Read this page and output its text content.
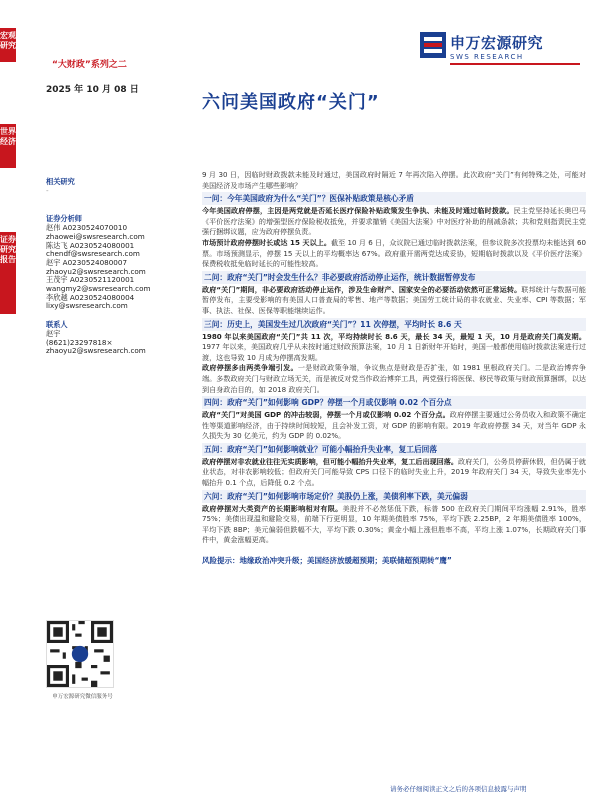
宏观
研究
世界
经济
证券
研究
报告
“大财政”系列之二
2025 年 10 月 08 日
申万宏源研究
SWS RESEARCH
六问美国政府“关门”
相关研究
-
证券分析师
赵伟 A0230524070010
zhaowei@swsresearch.com
陈达飞 A0230524080001
chendf@swsresearch.com
赵宇 A0230524080007
zhaoyu2@swsresearch.com
王茂宇 A0230521120001
wangmy2@swsresearch.com
李欣越 A0230524080004
lixy@swsresearch.com
联系人
赵宇
(8621)23297818×
zhaoyu2@swsresearch.com
申万宏源研究微信服务号

9 月 30 日，因临时财政拨款未能及时通过，美国政府时隔近 7 年再次陷入停摆。此次政府“关门”有何特殊之处，可能对美国经济及市场产生哪些影响？

一问：今年美国政府为什么“关门”？医保补贴政策是核心矛盾

今年美国政府停摆，主因是两党就是否延长医疗保险补贴政策发生争执、未能及时通过临时拨款。民主党坚持延长奥巴马《平价医疗法案》的增强型医疗保险税收抵免，并要求撤销《美国大法案》中对医疗补助的削减条款；共和党则指责民主党强行捆绑议题，应为政府停摆负责。

市场预计政府停摆时长或达 15 天以上。截至 10 月 6 日，众议院已通过临时拨款法案，但参议院多次投票均未能达到 60 票。市场预测显示，停摆 15 天以上的平均概率达 67%。政府重开需两党达成妥协，短期临时拨款以及《平价医疗法案》保费税收抵免临时延长的可能性较高。

二问：政府“关门”时会发生什么？非必要政府活动停止运作，统计数据暂停发布

政府“关门”期间，非必要政府活动停止运作，涉及生命财产、国家安全的必要活动依然可正常运转。联邦统计与数据可能暂停发布，主要受影响的有美国人口普查局的零售、地产等数据；美国劳工统计局的非农就业、失业率、CPI 等数据；军事、执法、社保、医保等职能继续运作。

三问：历史上，美国发生过几次政府“关门”？11 次停摆，平均时长 8.6 天

1980 年以来美国政府“关门”共 11 次，平均持续时长 8.6 天，最长 34 天，最短 1 天，10 月是政府关门高发期。1977 年以来，美国政府几乎从未按时通过财政预算法案，10 月 1 日新财年开始时，美国一般都使用临时拨款法案进行过渡，这也导致 10 月成为停摆高发期。

政府停摆多由两类争端引发。一是财政政策争端，争议焦点是财政是否扩张，如 1981 里根政府关门。二是政治博弈争端。多数政府关门与财政立场无关，而是被反对党当作政治博弈工具，两党强行将医保、移民等政策与财政预算捆绑，以达到自身政治目的，如 2018 政府关门。

四问：政府“关门”如何影响 GDP？停摆一个月或仅影响 0.02 个百分点

政府“关门”对美国 GDP 的冲击较弱，停摆一个月或仅影响 0.02 个百分点。政府停摆主要通过公务员收入和政策不确定性等渠道影响经济，由于持续时间较短，且会补发工资，对 GDP 的影响有限。2019 年政府停摆 34 天，对当年 GDP 永久损失为 30 亿美元，约为 GDP 的 0.02%。

五问：政府“关门”如何影响就业？可能小幅抬升失业率，复工后回落

政府停摆对非农就业往往无实质影响，但可能小幅抬升失业率，复工后出现回落。政府关门，公务员停薪休假，但仍属于就业状态，对非农影响较低；但政府关门可能导致 CPS 口径下的临时失业上升，2019 年政府关门 34 天，导致失业率先小幅抬升 0.1 个点，后降低 0.2 个点。

六问：政府“关门”如何影响市场定价？美股仍上涨，美债利率下跌，美元偏弱

政府停摆对大类资产的长期影响相对有限。美股并不必然惩低下跌，标普 500 在政府关门期间平均涨幅 2.91%，胜率 75%；美债出现温和避险交易，前端下行更明显，10 年期美债胜率 75%，平均下跌 2.25BP，2 年期美债胜率 100%，平均下跌 8BP；美元偏弱但跌幅不大，平均下跌 0.30%；黄金小幅上涨但胜率不高，平均上涨 1.07%，长期政府关门事件中，黄金涨幅更高。

风险提示：地缘政治冲突升级；美国经济放缓超预期；美联储超预期转“鹰”
请务必仔细阅读正文之后的各项信息披露与声明
